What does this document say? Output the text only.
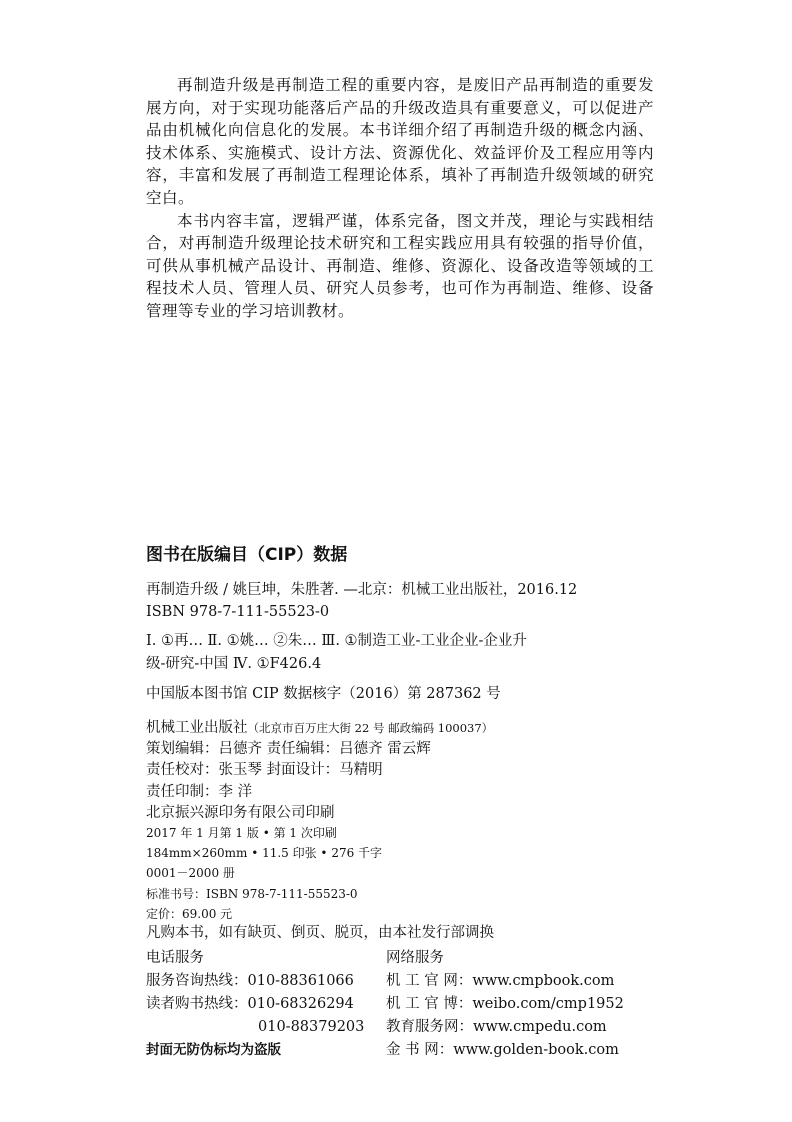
再制造升级是再制造工程的重要内容，是废旧产品再制造的重要发展方向，对于实现功能落后产品的升级改造具有重要意义，可以促进产品由机械化向信息化的发展。本书详细介绍了再制造升级的概念内涵、技术体系、实施模式、设计方法、资源优化、效益评价及工程应用等内容，丰富和发展了再制造工程理论体系，填补了再制造升级领域的研究空白。

本书内容丰富，逻辑严谨，体系完备，图文并茂，理论与实践相结合，对再制造升级理论技术研究和工程实践应用具有较强的指导价值，可供从事机械产品设计、再制造、维修、资源化、设备改造等领域的工程技术人员、管理人员、研究人员参考，也可作为再制造、维修、设备管理等专业的学习培训教材。

图书在版编目（CIP）数据
再制造升级 / 姚巨坤，朱胜著. —北京：机械工业出版社，2016.12
ISBN 978-7-111-55523-0
Ⅰ. ①再… Ⅱ. ①姚… ②朱… Ⅲ. ①制造工业-工业企业-企业升
级-研究-中国 Ⅳ. ①F426.4
中国版本图书馆 CIP 数据核字（2016）第 287362 号
机械工业出版社（北京市百万庄大街 22 号 邮政编码 100037）
策划编辑：吕德齐 责任编辑：吕德齐 雷云辉
责任校对：张玉琴 封面设计：马精明
责任印制：李 洋
北京振兴源印务有限公司印刷
2017 年 1 月第 1 版 • 第 1 次印刷
184mm×260mm • 11.5 印张 • 276 千字
0001－2000 册
标准书号：ISBN 978-7-111-55523-0
定价：69.00 元
凡购本书，如有缺页、倒页、脱页，由本社发行部调换
电话服务	网络服务
服务咨询热线：010-88361066	机 工 官 网：www.cmpbook.com
读者购书热线：010-68326294	机 工 官 博：weibo.com/cmp1952
010-88379203	教育服务网：www.cmpedu.com
封面无防伪标均为盗版	金 书 网：www.golden-book.com
